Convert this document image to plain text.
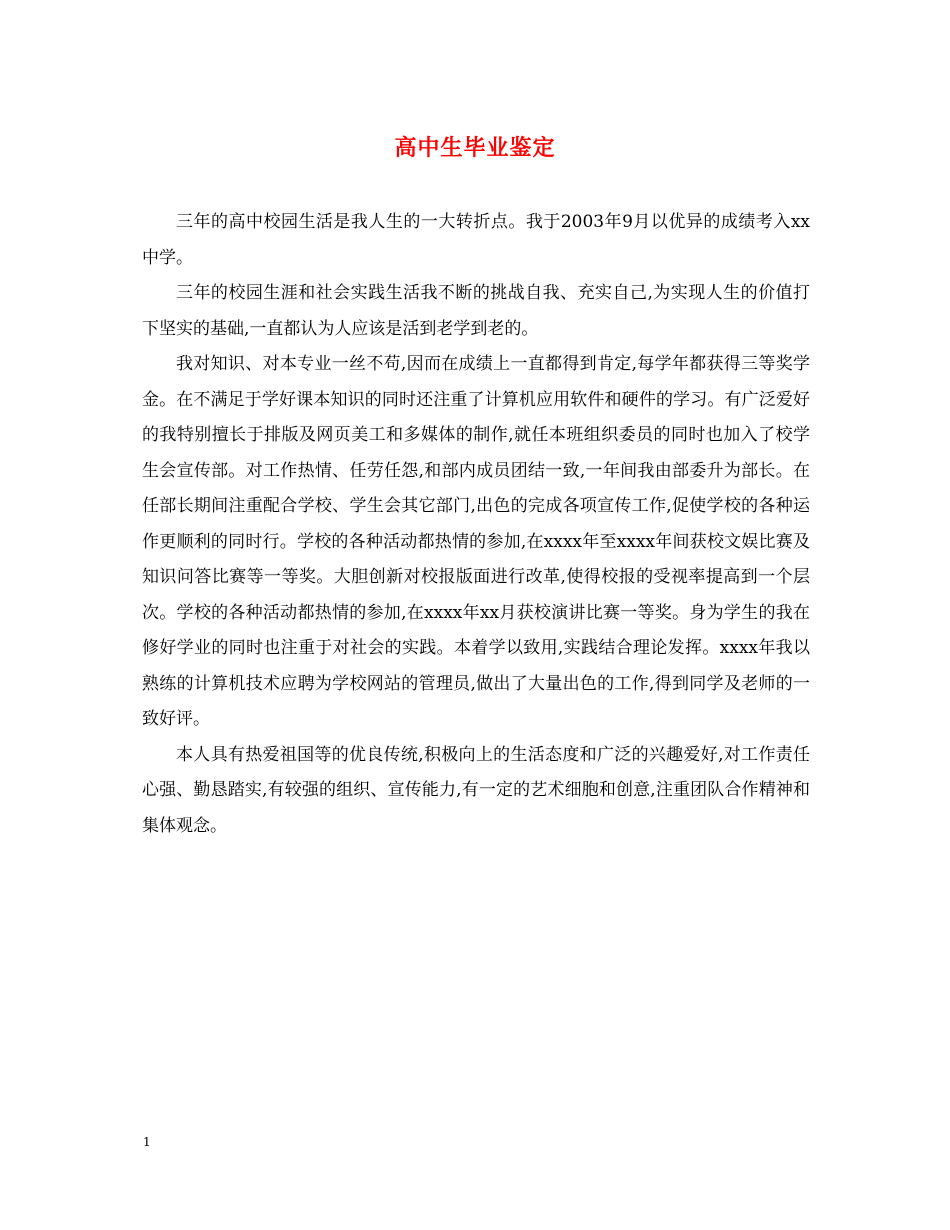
高中生毕业鉴定

三年的高中校园生活是我人生的一大转折点。我于2003年9月以优异的成绩考入xx中学。

三年的校园生涯和社会实践生活我不断的挑战自我、充实自己,为实现人生的价值打下坚实的基础,一直都认为人应该是活到老学到老的。

我对知识、对本专业一丝不苟,因而在成绩上一直都得到肯定,每学年都获得三等奖学金。在不满足于学好课本知识的同时还注重了计算机应用软件和硬件的学习。有广泛爱好的我特别擅长于排版及网页美工和多媒体的制作,就任本班组织委员的同时也加入了校学生会宣传部。对工作热情、任劳任怨,和部内成员团结一致,一年间我由部委升为部长。在任部长期间注重配合学校、学生会其它部门,出色的完成各项宣传工作,促使学校的各种运作更顺利的同时行。学校的各种活动都热情的参加,在xxxx年至xxxx年间获校文娱比赛及知识问答比赛等一等奖。大胆创新对校报版面进行改革,使得校报的受视率提高到一个层次。学校的各种活动都热情的参加,在xxxx年xx月获校演讲比赛一等奖。身为学生的我在修好学业的同时也注重于对社会的实践。本着学以致用,实践结合理论发挥。xxxx年我以熟练的计算机技术应聘为学校网站的管理员,做出了大量出色的工作,得到同学及老师的一致好评。

本人具有热爱祖国等的优良传统,积极向上的生活态度和广泛的兴趣爱好,对工作责任心强、勤恳踏实,有较强的组织、宣传能力,有一定的艺术细胞和创意,注重团队合作精神和集体观念。

1
